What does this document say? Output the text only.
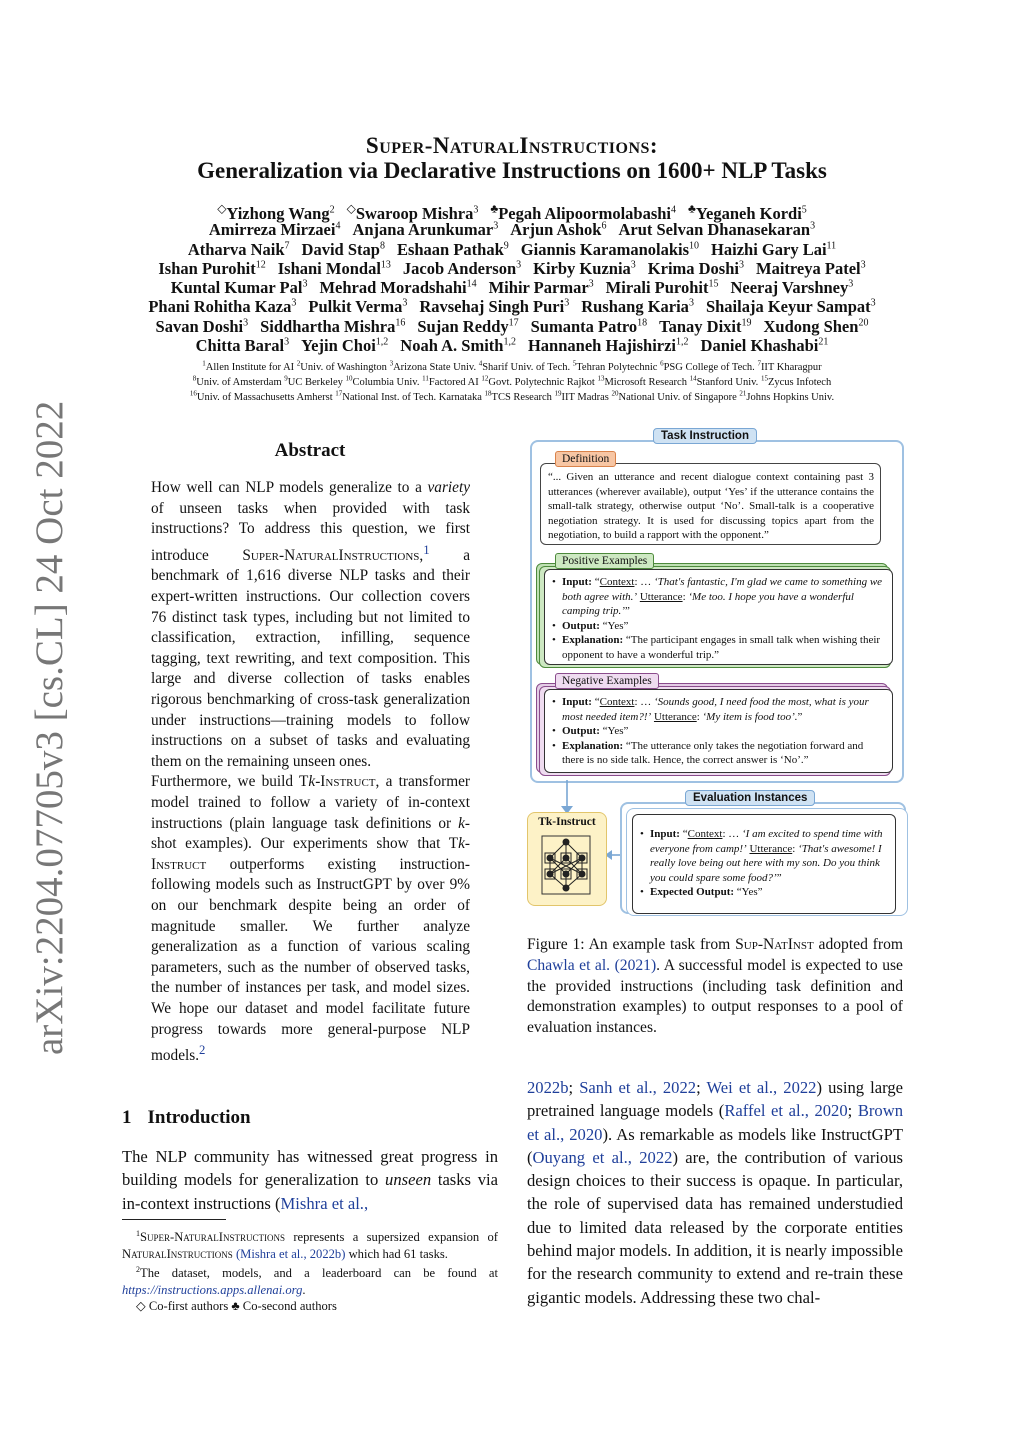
arXiv:2204.07705v3 [cs.CL] 24 Oct 2022
Super-NaturalInstructions:
Generalization via Declarative Instructions on 1600+ NLP Tasks
◇Yizhong Wang$^2$ ◇Swaroop Mishra$^3$ ♣Pegah Alipoormolabashi$^4$ ♣Yeganeh Kordi$^5$
Amirreza Mirzaei$^4$ Anjana Arunkumar$^3$ Arjun Ashok$^6$ Arut Selvan Dhanasekaran$^3$
Atharva Naik$^7$ David Stap$^8$ Eshaan Pathak$^9$ Giannis Karamanolakis$^{10}$ Haizhi Gary Lai$^{11}$
Ishan Purohit$^{12}$ Ishani Mondal$^{13}$ Jacob Anderson$^3$ Kirby Kuznia$^3$ Krima Doshi$^3$ Maitreya Patel$^3$
Kuntal Kumar Pal$^3$ Mehrad Moradshahi$^{14}$ Mihir Parmar$^3$ Mirali Purohit$^{15}$ Neeraj Varshney$^3$
Phani Rohitha Kaza$^3$ Pulkit Verma$^3$ Ravsehaj Singh Puri$^3$ Rushang Karia$^3$ Shailaja Keyur Sampat$^3$
Savan Doshi$^3$ Siddhartha Mishra$^{16}$ Sujan Reddy$^{17}$ Sumanta Patro$^{18}$ Tanay Dixit$^{19}$ Xudong Shen$^{20}$
Chitta Baral$^3$ Yejin Choi$^{1,2}$ Noah A. Smith$^{1,2}$ Hannaneh Hajishirzi$^{1,2}$ Daniel Khashabi$^{21}$
$^1$Allen Institute for AI $^2$Univ. of Washington $^3$Arizona State Univ. $^4$Sharif Univ. of Tech. $^5$Tehran Polytechnic $^6$PSG College of Tech. $^7$IIT Kharagpur
$^8$Univ. of Amsterdam $^9$UC Berkeley $^{10}$Columbia Univ. $^{11}$Factored AI $^{12}$Govt. Polytechnic Rajkot $^{13}$Microsoft Research $^{14}$Stanford Univ. $^{15}$Zycus Infotech
$^{16}$Univ. of Massachusetts Amherst $^{17}$National Inst. of Tech. Karnataka $^{18}$TCS Research $^{19}$IIT Madras $^{20}$National Univ. of Singapore $^{21}$Johns Hopkins Univ.
Abstract

How well can NLP models generalize to a variety of unseen tasks when provided with task instructions? To address this question, we first introduce Super-NaturalInstructions,$^1$ a benchmark of 1,616 diverse NLP tasks and their expert-written instructions. Our collection covers 76 distinct task types, including but not limited to classification, extraction, infilling, sequence tagging, text rewriting, and text composition. This large and diverse collection of tasks enables rigorous benchmarking of cross-task generalization under instructions—training models to follow instructions on a subset of tasks and evaluating them on the remaining unseen ones.

Furthermore, we build Tk-Instruct, a transformer model trained to follow a variety of in-context instructions (plain language task definitions or k-shot examples). Our experiments show that Tk-Instruct outperforms existing instruction-following models such as InstructGPT by over 9% on our benchmark despite being an order of magnitude smaller. We further analyze generalization as a function of various scaling parameters, such as the number of observed tasks, the number of instances per task, and model sizes. We hope our dataset and model facilitate future progress towards more general-purpose NLP models.$^2$

1 Introduction

The NLP community has witnessed great progress in building models for generalization to unseen tasks via in-context instructions (Mishra et al.,

$^1$Super-NaturalInstructions represents a supersized expansion of NaturalInstructions (Mishra et al., 2022b) which had 61 tasks.

$^2$The dataset, models, and a leaderboard can be found at https://instructions.apps.allenai.org.

◇ Co-first authors ♣ Co-second authors

Task Instruction
Definition
“... Given an utterance and recent dialogue context containing past 3 utterances (wherever available), output ‘Yes’ if the utterance contains the small-talk strategy, otherwise output ‘No’. Small-talk is a cooperative negotiation strategy. It is used for discussing topics apart from the negotiation, to build a rapport with the opponent.”
Positive Examples
• Input: “Context: … ‘That's fantastic, I'm glad we came to something we both agree with.’ Utterance: ‘Me too. I hope you have a wonderful camping trip.’”
• Output: “Yes”
• Explanation: “The participant engages in small talk when wishing their opponent to have a wonderful trip.”
Negative Examples
• Input: “Context: … ‘Sounds good, I need food the most, what is your most needed item?!’ Utterance: ‘My item is food too’.”
• Output: “Yes”
• Explanation: “The utterance only takes the negotiation forward and there is no side talk. Hence, the correct answer is ‘No’.”
Evaluation Instances
• Input: “Context: … ‘I am excited to spend time with everyone from camp!’ Utterance: ‘That's awesome! I really love being out here with my son. Do you think you could spare some food?’”
• Expected Output: “Yes”
Tk-Instruct

Figure 1: An example task from Sup-NatInst adopted from Chawla et al. (2021). A successful model is expected to use the provided instructions (including task definition and demonstration examples) to output responses to a pool of evaluation instances.

2022b; Sanh et al., 2022; Wei et al., 2022) using large pretrained language models (Raffel et al., 2020; Brown et al., 2020). As remarkable as models like InstructGPT (Ouyang et al., 2022) are, the contribution of various design choices to their success is opaque. In particular, the role of supervised data has remained understudied due to limited data released by the corporate entities behind major models. In addition, it is nearly impossible for the research community to extend and re-train these gigantic models. Addressing these two chal-
